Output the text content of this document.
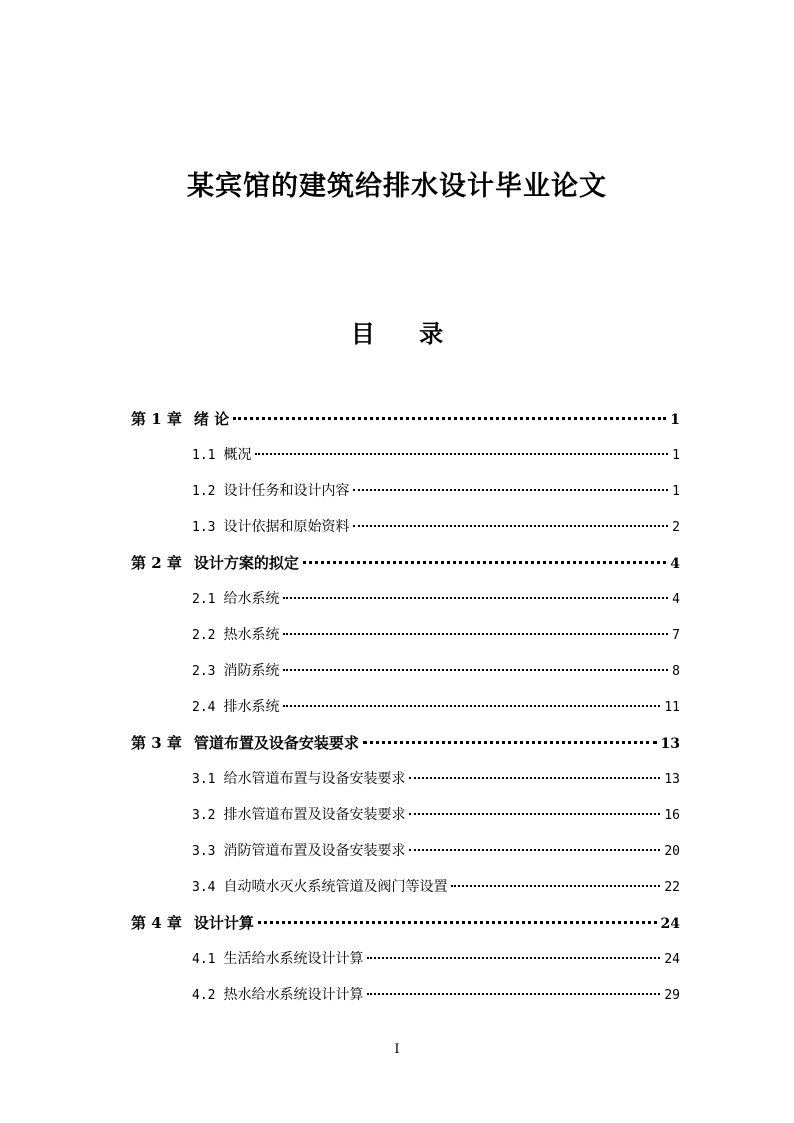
某宾馆的建筑给排水设计毕业论文
目 录
第 1 章 绪 论	1
1.1 概况	1
1.2 设计任务和设计内容	1
1.3 设计依据和原始资料	2
第 2 章 设计方案的拟定	4
2.1 给水系统	4
2.2 热水系统	7
2.3 消防系统	8
2.4 排水系统	11
第 3 章 管道布置及设备安装要求	13
3.1 给水管道布置与设备安装要求	13
3.2 排水管道布置及设备安装要求	16
3.3 消防管道布置及设备安装要求	20
3.4 自动喷水灭火系统管道及阀门等设置	22
第 4 章 设计计算	24
4.1 生活给水系统设计计算	24
4.2 热水给水系统设计计算	29

I
